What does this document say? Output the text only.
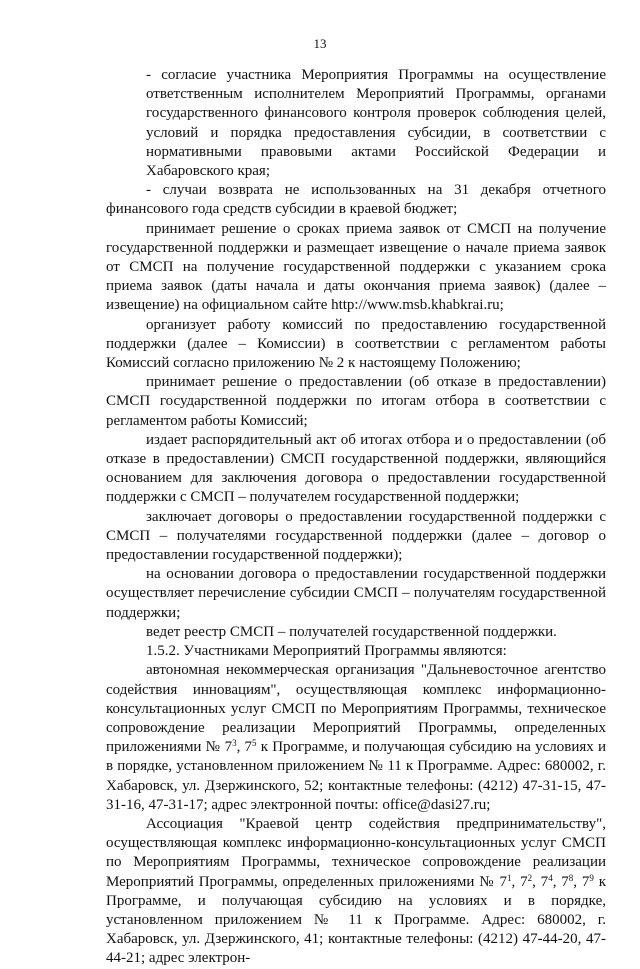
13

- согласие участника Мероприятия Программы на осуществление ответственным исполнителем Мероприятий Программы, органами государственного финансового контроля проверок соблюдения целей, условий и порядка предоставления субсидии, в соответствии с нормативными правовыми актами Российской Федерации и Хабаровского края;

- случаи возврата не использованных на 31 декабря отчетного финансового года средств субсидии в краевой бюджет;

принимает решение о сроках приема заявок от СМСП на получение государственной поддержки и размещает извещение о начале приема заявок от СМСП на получение государственной поддержки с указанием срока приема заявок (даты начала и даты окончания приема заявок) (далее – извещение) на официальном сайте http://www.msb.khabkrai.ru;

организует работу комиссий по предоставлению государственной поддержки (далее – Комиссии) в соответствии с регламентом работы Комиссий согласно приложению № 2 к настоящему Положению;

принимает решение о предоставлении (об отказе в предоставлении) СМСП государственной поддержки по итогам отбора в соответствии с регламентом работы Комиссий;

издает распорядительный акт об итогах отбора и о предоставлении (об отказе в предоставлении) СМСП государственной поддержки, являющийся основанием для заключения договора о предоставлении государственной поддержки с СМСП – получателем государственной поддержки;

заключает договоры о предоставлении государственной поддержки с СМСП – получателями государственной поддержки (далее – договор о предоставлении государственной поддержки);

на основании договора о предоставлении государственной поддержки осуществляет перечисление субсидии СМСП – получателям государственной поддержки;

ведет реестр СМСП – получателей государственной поддержки.

1.5.2. Участниками Мероприятий Программы являются:

автономная некоммерческая организация "Дальневосточное агентство содействия инновациям", осуществляющая комплекс информационно-консультационных услуг СМСП по Мероприятиям Программы, техническое сопровождение реализации Мероприятий Программы, определенных приложениями № $7^3$, $7^5$ к Программе, и получающая субсидию на условиях и в порядке, установленном приложением № 11 к Программе. Адрес: 680002, г. Хабаровск, ул. Дзержинского, 52; контактные телефоны: (4212) 47-31-15, 47-31-16, 47-31-17; адрес электронной почты: office@dasi27.ru;

Ассоциация "Краевой центр содействия предпринимательству", осуществляющая комплекс информационно-консультационных услуг СМСП по Мероприятиям Программы, техническое сопровождение реализации Мероприятий Программы, определенных приложениями № $7^1$, $7^2$, $7^4$, $7^8$, $7^9$ к Программе, и получающая субсидию на условиях и в порядке, установленном приложением № 11 к Программе. Адрес: 680002, г. Хабаровск, ул. Дзержинского, 41; контактные телефоны: (4212) 47-44-20, 47-44-21; адрес электрон-
